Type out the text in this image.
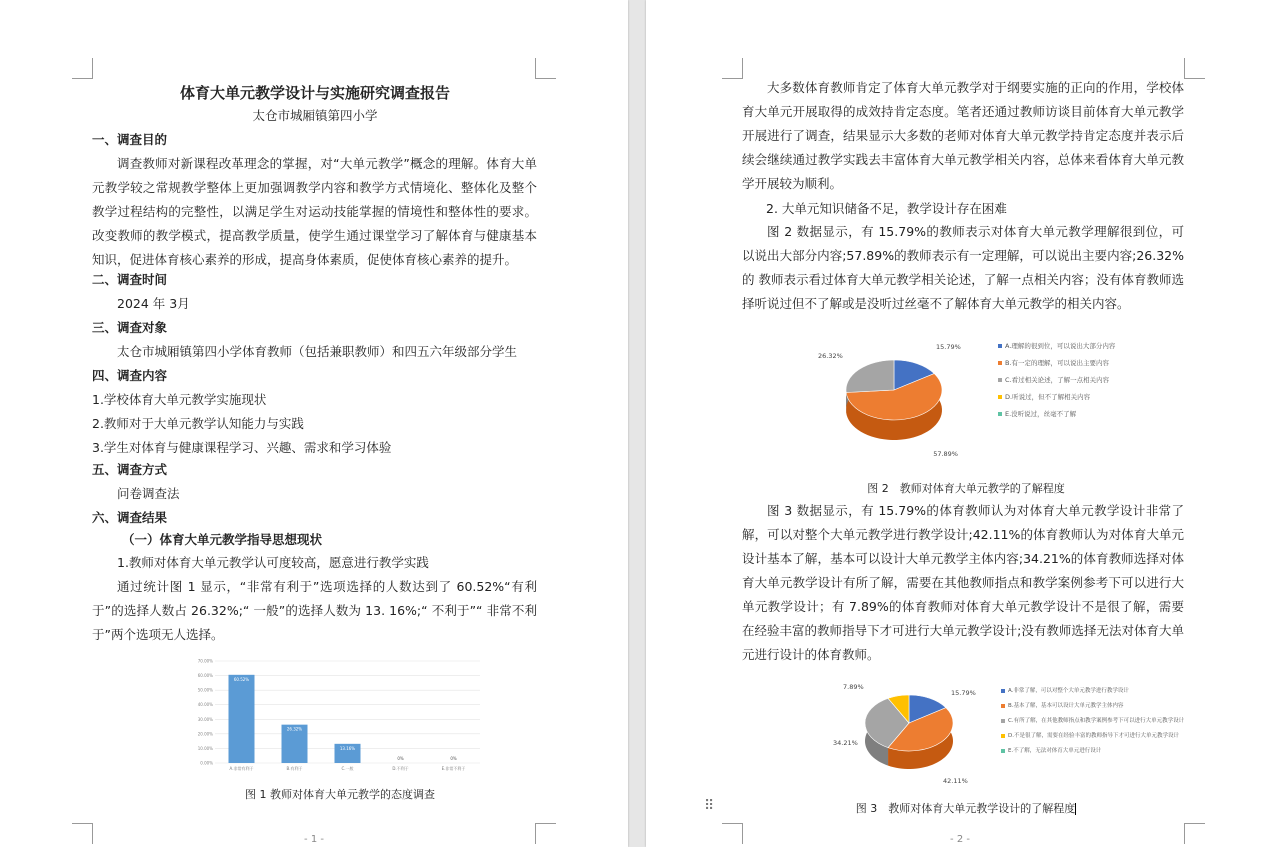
体育大单元教学设计与实施研究调查报告
太仓市城厢镇第四小学
一、调查目的
调查教师对新课程改革理念的掌握，对“大单元教学”概念的理解。体育大单元教学较之常规教学整体上更加强调教学内容和教学方式情境化、整体化及整个教学过程结构的完整性，以满足学生对运动技能掌握的情境性和整体性的要求。改变教师的教学模式，提高教学质量，使学生通过课堂学习了解体育与健康基本知识，促进体育核心素养的形成，提高身体素质，促使体育核心素养的提升。
二、调查时间
2024 年 3月
三、调查对象
太仓市城厢镇第四小学体育教师（包括兼职教师）和四五六年级部分学生
四、调查内容
1.学校体育大单元教学实施现状
2.教师对于大单元教学认知能力与实践
3.学生对体育与健康课程学习、兴趣、需求和学习体验
五、调查方式
问卷调查法
六、调查结果
（一）体育大单元教学指导思想现状
1.教师对体育大单元教学认可度较高，愿意进行教学实践
通过统计图 1 显示，“非常有利于”选项选择的人数达到了 60.52%“有利于”的选择人数占 26.32%;“ 一般”的选择人数为 13. 16%;“ 不利于”“ 非常不利于”两个选项无人选择。
0.00%
10.00%
20.00%
30.00%
40.00%
50.00%
60.00%
70.00%
60.52%
A.非常有利于
26.32%
B.有利于
13.16%
C.一般
0%
D.不利于
0%
E.非常不利于
图 1 教师对体育大单元教学的态度调查
- 1 -
大多数体育教师肯定了体育大单元教学对于纲要实施的正向的作用，学校体 育大单元开展取得的成效持肯定态度。笔者还通过教师访谈目前体育大单元教学开展进行了调查，结果显示大多数的老师对体育大单元教学持肯定态度并表示后续会继续通过教学实践去丰富体育大单元教学相关内容，总体来看体育大单元教学开展较为顺利。
2. 大单元知识储备不足，教学设计存在困难
图 2 数据显示，有 15.79%的教师表示对体育大单元教学理解很到位，可以说出大部分内容;57.89%的教师表示有一定理解，可以说出主要内容;26.32%的 教师表示看过体育大单元教学相关论述，了解一点相关内容；没有体育教师选择听说过但不了解或是没听过丝毫不了解体育大单元教学的相关内容。
15.79%
57.89%
26.32%
A.理解的很到位，可以说出大部分内容
B.有一定的理解，可以说出主要内容
C.看过相关论述，了解一点相关内容
D.听说过，但不了解相关内容
E.没听说过，丝毫不了解
图 2　教师对体育大单元教学的了解程度
图 3 数据显示，有 15.79%的体育教师认为对体育大单元教学设计非常了解，可以对整个大单元教学进行教学设计;42.11%的体育教师认为对体育大单元设计基本了解，基本可以设计大单元教学主体内容;34.21%的体育教师选择对体育大单元教学设计有所了解，需要在其他教师指点和教学案例参考下可以进行大单元教学设计；有 7.89%的体育教师对体育大单元教学设计不是很了解，需要在经验丰富的教师指导下才可进行大单元教学设计;没有教师选择无法对体育大单元进行设计的体育教师。
15.79%
42.11%
34.21%
7.89%	A.非常了解，可以对整个大单元教学进行教学设计
B.基本了解，基本可以设计大单元教学主体内容
C.有所了解，在其他教师指点和教学案例参考下可以进行大单元教学设计
D.不是很了解，需要在经验丰富的教师指导下才可进行大单元教学设计
E.不了解，无法对体育大单元进行设计
⠿	图 3　教师对体育大单元教学设计的了解程度
- 2 -
